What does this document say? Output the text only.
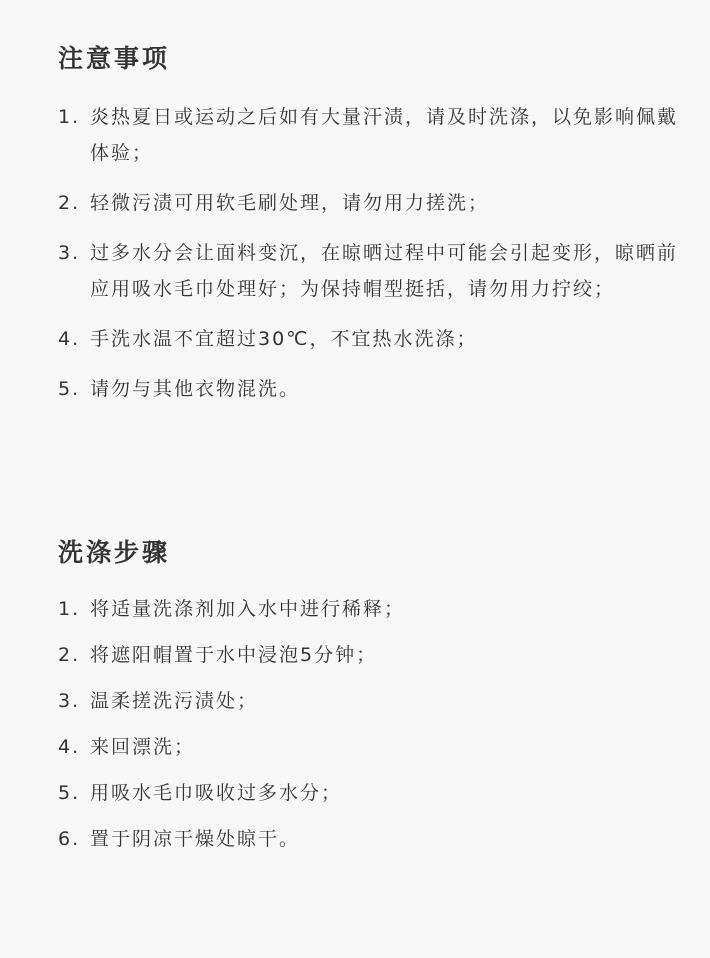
注意事项
1. 炎热夏日或运动之后如有大量汗渍，请及时洗涤，以免影响佩戴体验；
2. 轻微污渍可用软毛刷处理，请勿用力搓洗；
3. 过多水分会让面料变沉，在晾晒过程中可能会引起变形，晾晒前应用吸水毛巾处理好；为保持帽型挺括，请勿用力拧绞；
4. 手洗水温不宜超过30℃，不宜热水洗涤；
5. 请勿与其他衣物混洗。
洗涤步骤
1. 将适量洗涤剂加入水中进行稀释；
2. 将遮阳帽置于水中浸泡5分钟；
3. 温柔搓洗污渍处；
4. 来回漂洗；
5. 用吸水毛巾吸收过多水分；
6. 置于阴凉干燥处晾干。
